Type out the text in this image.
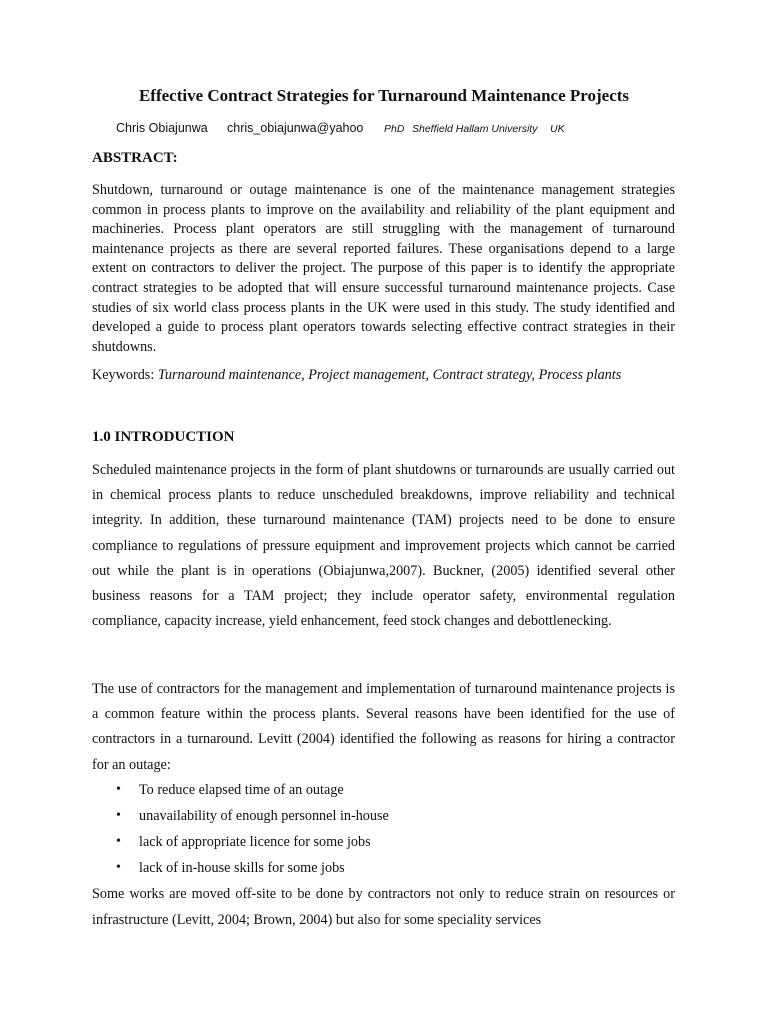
Effective Contract Strategies for Turnaround Maintenance Projects
Chris Obiajunwa chris_obiajunwa@yahoo PhD Sheffield Hallam University UK
ABSTRACT:

Shutdown, turnaround or outage maintenance is one of the maintenance management strategies common in process plants to improve on the availability and reliability of the plant equipment and machineries. Process plant operators are still struggling with the management of turnaround maintenance projects as there are several reported failures. These organisations depend to a large extent on contractors to deliver the project. The purpose of this paper is to identify the appropriate contract strategies to be adopted that will ensure successful turnaround maintenance projects. Case studies of six world class process plants in the UK were used in this study. The study identified and developed a guide to process plant operators towards selecting effective contract strategies in their shutdowns.

Keywords: Turnaround maintenance, Project management, Contract strategy, Process plants
1.0 INTRODUCTION

Scheduled maintenance projects in the form of plant shutdowns or turnarounds are usually carried out in chemical process plants to reduce unscheduled breakdowns, improve reliability and technical integrity. In addition, these turnaround maintenance (TAM) projects need to be done to ensure compliance to regulations of pressure equipment and improvement projects which cannot be carried out while the plant is in operations (Obiajunwa,2007). Buckner, (2005) identified several other business reasons for a TAM project; they include operator safety, environmental regulation compliance, capacity increase, yield enhancement, feed stock changes and debottlenecking.

The use of contractors for the management and implementation of turnaround maintenance projects is a common feature within the process plants. Several reasons have been identified for the use of contractors in a turnaround. Levitt (2004) identified the following as reasons for hiring a contractor for an outage:

• To reduce elapsed time of an outage
• unavailability of enough personnel in-house
• lack of appropriate licence for some jobs
• lack of in-house skills for some jobs

Some works are moved off-site to be done by contractors not only to reduce strain on resources or infrastructure (Levitt, 2004; Brown, 2004) but also for some speciality services
